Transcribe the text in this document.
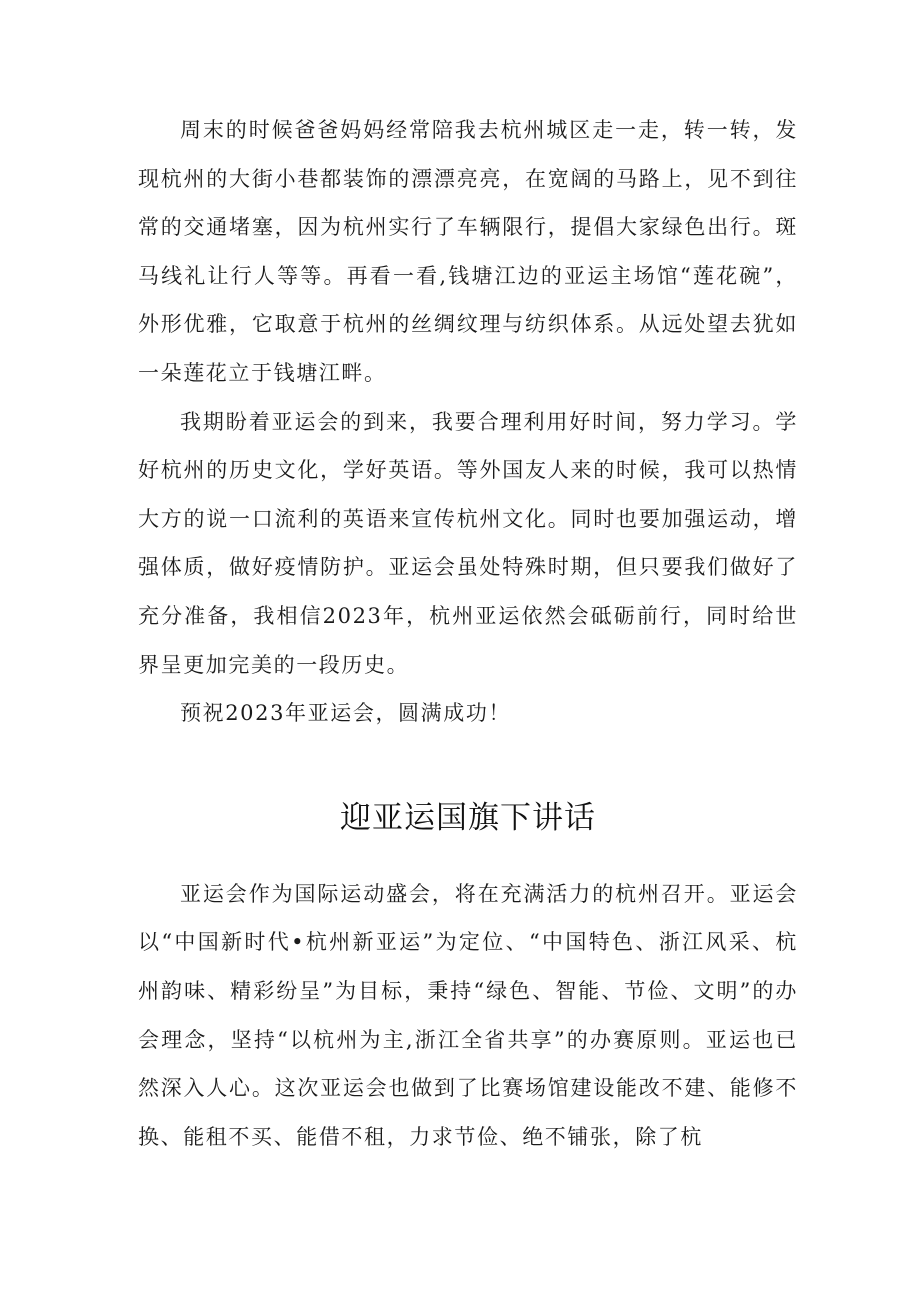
周末的时候爸爸妈妈经常陪我去杭州城区走一走，转一转，发现杭州的大街小巷都装饰的漂漂亮亮，在宽阔的马路上，见不到往常的交通堵塞，因为杭州实行了车辆限行，提倡大家绿色出行。斑马线礼让行人等等。再看一看,钱塘江边的亚运主场馆“莲花碗”，外形优雅，它取意于杭州的丝绸纹理与纺织体系。从远处望去犹如一朵莲花立于钱塘江畔。

我期盼着亚运会的到来，我要合理利用好时间，努力学习。学好杭州的历史文化，学好英语。等外国友人来的时候，我可以热情大方的说一口流利的英语来宣传杭州文化。同时也要加强运动，增强体质，做好疫情防护。亚运会虽处特殊时期，但只要我们做好了充分准备，我相信2023年，杭州亚运依然会砥砺前行，同时给世界呈更加完美的一段历史。

预祝2023年亚运会，圆满成功！

迎亚运国旗下讲话

亚运会作为国际运动盛会，将在充满活力的杭州召开。亚运会以“中国新时代•杭州新亚运”为定位、“中国特色、浙江风采、杭州韵味、精彩纷呈”为目标，秉持“绿色、智能、节俭、文明”的办会理念，坚持“以杭州为主,浙江全省共享”的办赛原则。亚运也已然深入人心。这次亚运会也做到了比赛场馆建设能改不建、能修不换、能租不买、能借不租，力求节俭、绝不铺张，除了杭
